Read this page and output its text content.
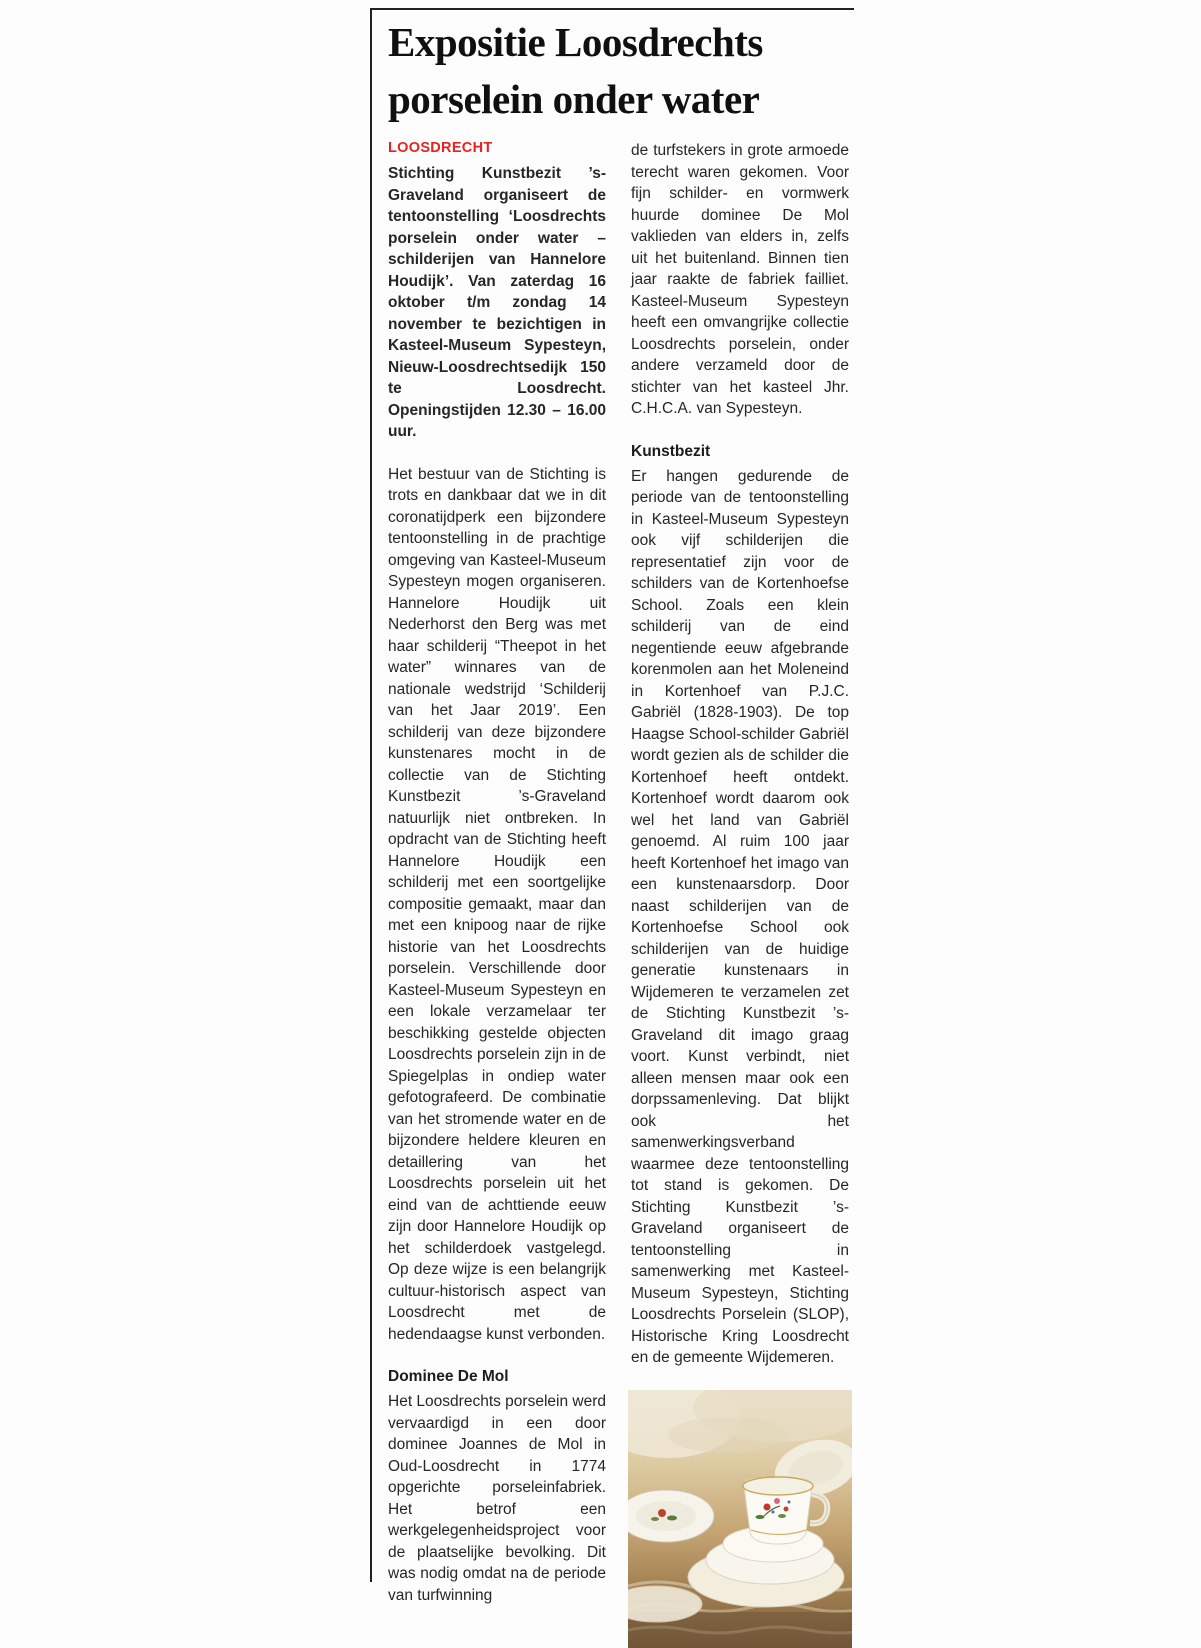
Expositie Loosdrechts
porselein onder water
LOOSDRECHT

Stichting Kunstbezit ’s-Graveland organiseert de tentoonstelling ‘Loosdrechts porselein onder water – schilderijen van Hannelore Houdijk’. Van zaterdag 16 oktober t/m zondag 14 november te bezichtigen in Kasteel-Museum Sypesteyn, Nieuw-Loosdrechtsedijk 150 te Loosdrecht. Openingstijden 12.30 – 16.00 uur.

Het bestuur van de Stichting is trots en dankbaar dat we in dit coronatijdperk een bijzondere tentoonstelling in de prachtige omgeving van Kasteel-Museum Sypesteyn mogen organiseren. Hannelore Houdijk uit Nederhorst den Berg was met haar schilderij “Theepot in het water” winnares van de nationale wedstrijd ‘Schilderij van het Jaar 2019’. Een schilderij van deze bijzondere kunstenares mocht in de collectie van de Stichting Kunstbezit ’s-Graveland natuurlijk niet ontbreken. In opdracht van de Stichting heeft Hannelore Houdijk een schilderij met een soortgelijke compositie gemaakt, maar dan met een knipoog naar de rijke historie van het Loosdrechts porselein. Verschillende door Kasteel-Museum Sypesteyn en een lokale verzamelaar ter beschikking gestelde objecten Loosdrechts porselein zijn in de Spiegelplas in ondiep water gefotografeerd. De combinatie van het stromende water en de bijzondere heldere kleuren en detaillering van het Loosdrechts porselein uit het eind van de achttiende eeuw zijn door Hannelore Houdijk op het schilderdoek vastgelegd. Op deze wijze is een belangrijk cultuur-historisch aspect van Loosdrecht met de hedendaagse kunst verbonden.

Dominee De Mol

Het Loosdrechts porselein werd vervaardigd in een door dominee Joannes de Mol in Oud-Loosdrecht in 1774 opgerichte porseleinfabriek. Het betrof een werkgelegenheidsproject voor de plaatselijke bevolking. Dit was nodig omdat na de periode van turfwinning

de turfstekers in grote armoede terecht waren gekomen. Voor fijn schilder- en vormwerk huurde dominee De Mol vaklieden van elders in, zelfs uit het buitenland. Binnen tien jaar raakte de fabriek failliet. Kasteel-Museum Sypesteyn heeft een omvangrijke collectie Loosdrechts porselein, onder andere verzameld door de stichter van het kasteel Jhr. C.H.C.A. van Sypesteyn.

Kunstbezit

Er hangen gedurende de periode van de tentoonstelling in Kasteel-Museum Sypesteyn ook vijf schilderijen die representatief zijn voor de schilders van de Kortenhoefse School. Zoals een klein schilderij van de eind negentiende eeuw afgebrande korenmolen aan het Moleneind in Kortenhoef van P.J.C. Gabriël (1828-1903). De top Haagse School-schilder Gabriël wordt gezien als de schilder die Kortenhoef heeft ontdekt. Kortenhoef wordt daarom ook wel het land van Gabriël genoemd. Al ruim 100 jaar heeft Kortenhoef het imago van een kunstenaarsdorp. Door naast schilderijen van de Kortenhoefse School ook schilderijen van de huidige generatie kunstenaars in Wijdemeren te verzamelen zet de Stichting Kunstbezit ’s-Graveland dit imago graag voort. Kunst verbindt, niet alleen mensen maar ook een dorpssamenleving. Dat blijkt ook het samenwerkingsverband waarmee deze tentoonstelling tot stand is gekomen. De Stichting Kunstbezit ’s-Graveland organiseert de tentoonstelling in samenwerking met Kasteel-Museum Sypesteyn, Stichting Loosdrechts Porselein (SLOP), Historische Kring Loosdrecht en de gemeente Wijdemeren.
